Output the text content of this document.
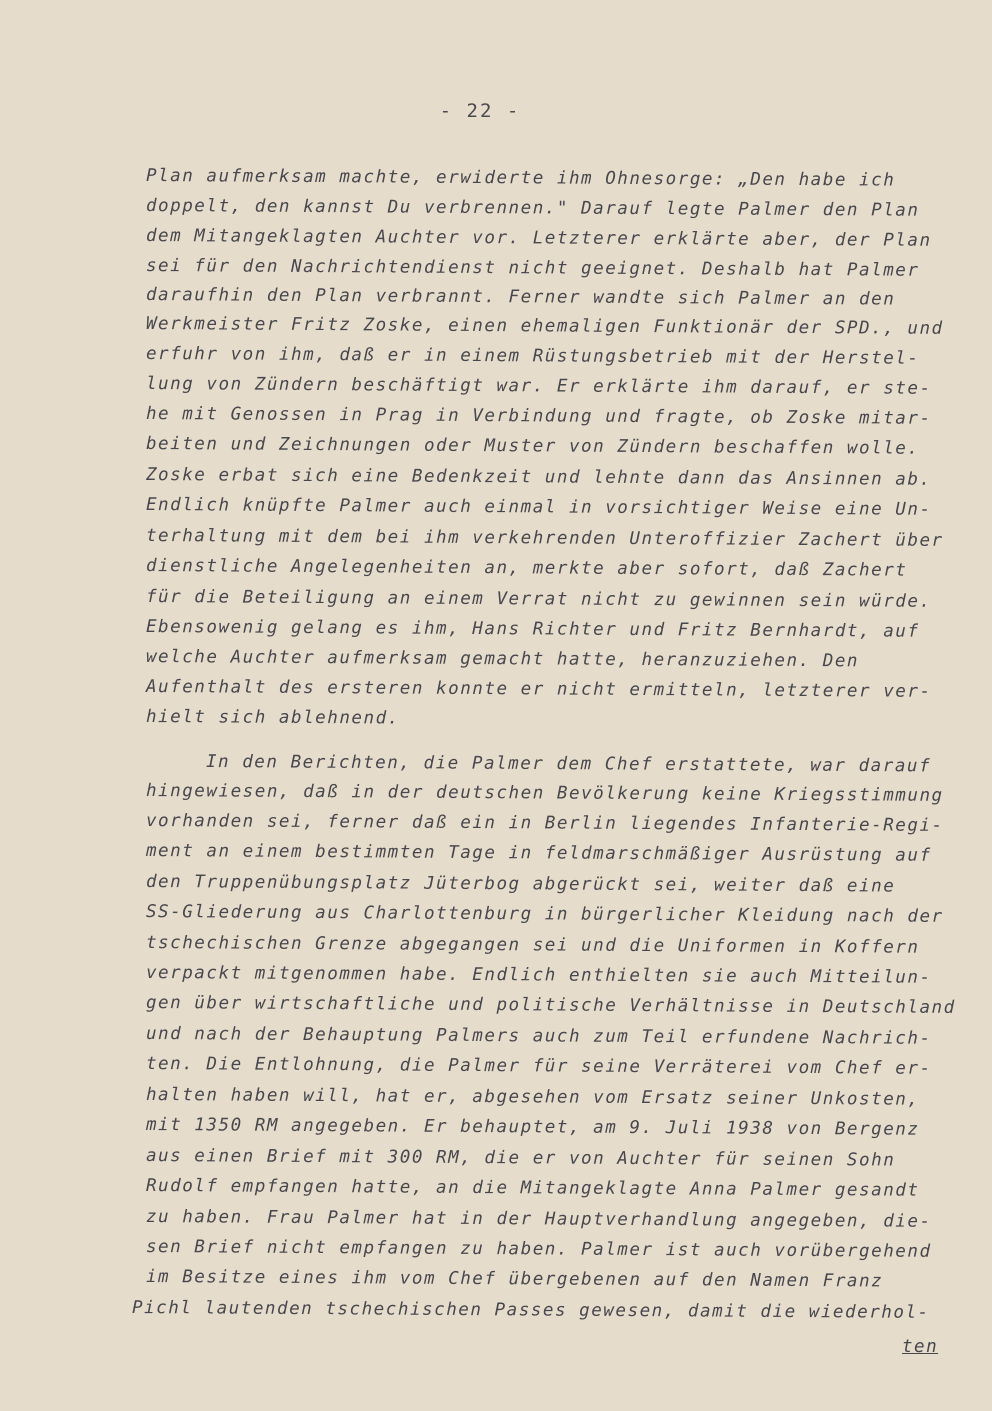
- 22 -
Plan aufmerksam machte, erwiderte ihm Ohnesorge: „Den habe ich
doppelt, den kannst Du verbrennen." Darauf legte Palmer den Plan
dem Mitangeklagten Auchter vor. Letzterer erklärte aber, der Plan
sei für den Nachrichtendienst nicht geeignet. Deshalb hat Palmer
daraufhin den Plan verbrannt. Ferner wandte sich Palmer an den
Werkmeister Fritz Zoske, einen ehemaligen Funktionär der SPD., und
erfuhr von ihm, daß er in einem Rüstungsbetrieb mit der Herstel-
lung von Zündern beschäftigt war. Er erklärte ihm darauf, er ste-
he mit Genossen in Prag in Verbindung und fragte, ob Zoske mitar-
beiten und Zeichnungen oder Muster von Zündern beschaffen wolle.
Zoske erbat sich eine Bedenkzeit und lehnte dann das Ansinnen ab.
Endlich knüpfte Palmer auch einmal in vorsichtiger Weise eine Un-
terhaltung mit dem bei ihm verkehrenden Unteroffizier Zachert über
dienstliche Angelegenheiten an, merkte aber sofort, daß Zachert
für die Beteiligung an einem Verrat nicht zu gewinnen sein würde.
Ebensowenig gelang es ihm, Hans Richter und Fritz Bernhardt, auf
welche Auchter aufmerksam gemacht hatte, heranzuziehen. Den
Aufenthalt des ersteren konnte er nicht ermitteln, letzterer ver-
hielt sich ablehnend.
In den Berichten, die Palmer dem Chef erstattete, war darauf
hingewiesen, daß in der deutschen Bevölkerung keine Kriegsstimmung
vorhanden sei, ferner daß ein in Berlin liegendes Infanterie-Regi-
ment an einem bestimmten Tage in feldmarschmäßiger Ausrüstung auf
den Truppenübungsplatz Jüterbog abgerückt sei, weiter daß eine
SS-Gliederung aus Charlottenburg in bürgerlicher Kleidung nach der
tschechischen Grenze abgegangen sei und die Uniformen in Koffern
verpackt mitgenommen habe. Endlich enthielten sie auch Mitteilun-
gen über wirtschaftliche und politische Verhältnisse in Deutschland
und nach der Behauptung Palmers auch zum Teil erfundene Nachrich-
ten. Die Entlohnung, die Palmer für seine Verräterei vom Chef er-
halten haben will, hat er, abgesehen vom Ersatz seiner Unkosten,
mit 1350 RM angegeben. Er behauptet, am 9. Juli 1938 von Bergenz
aus einen Brief mit 300 RM, die er von Auchter für seinen Sohn
Rudolf empfangen hatte, an die Mitangeklagte Anna Palmer gesandt
zu haben. Frau Palmer hat in der Hauptverhandlung angegeben, die-
sen Brief nicht empfangen zu haben. Palmer ist auch vorübergehend
im Besitze eines ihm vom Chef übergebenen auf den Namen Franz
Pichl lautenden tschechischen Passes gewesen, damit die wiederhol-
ten
